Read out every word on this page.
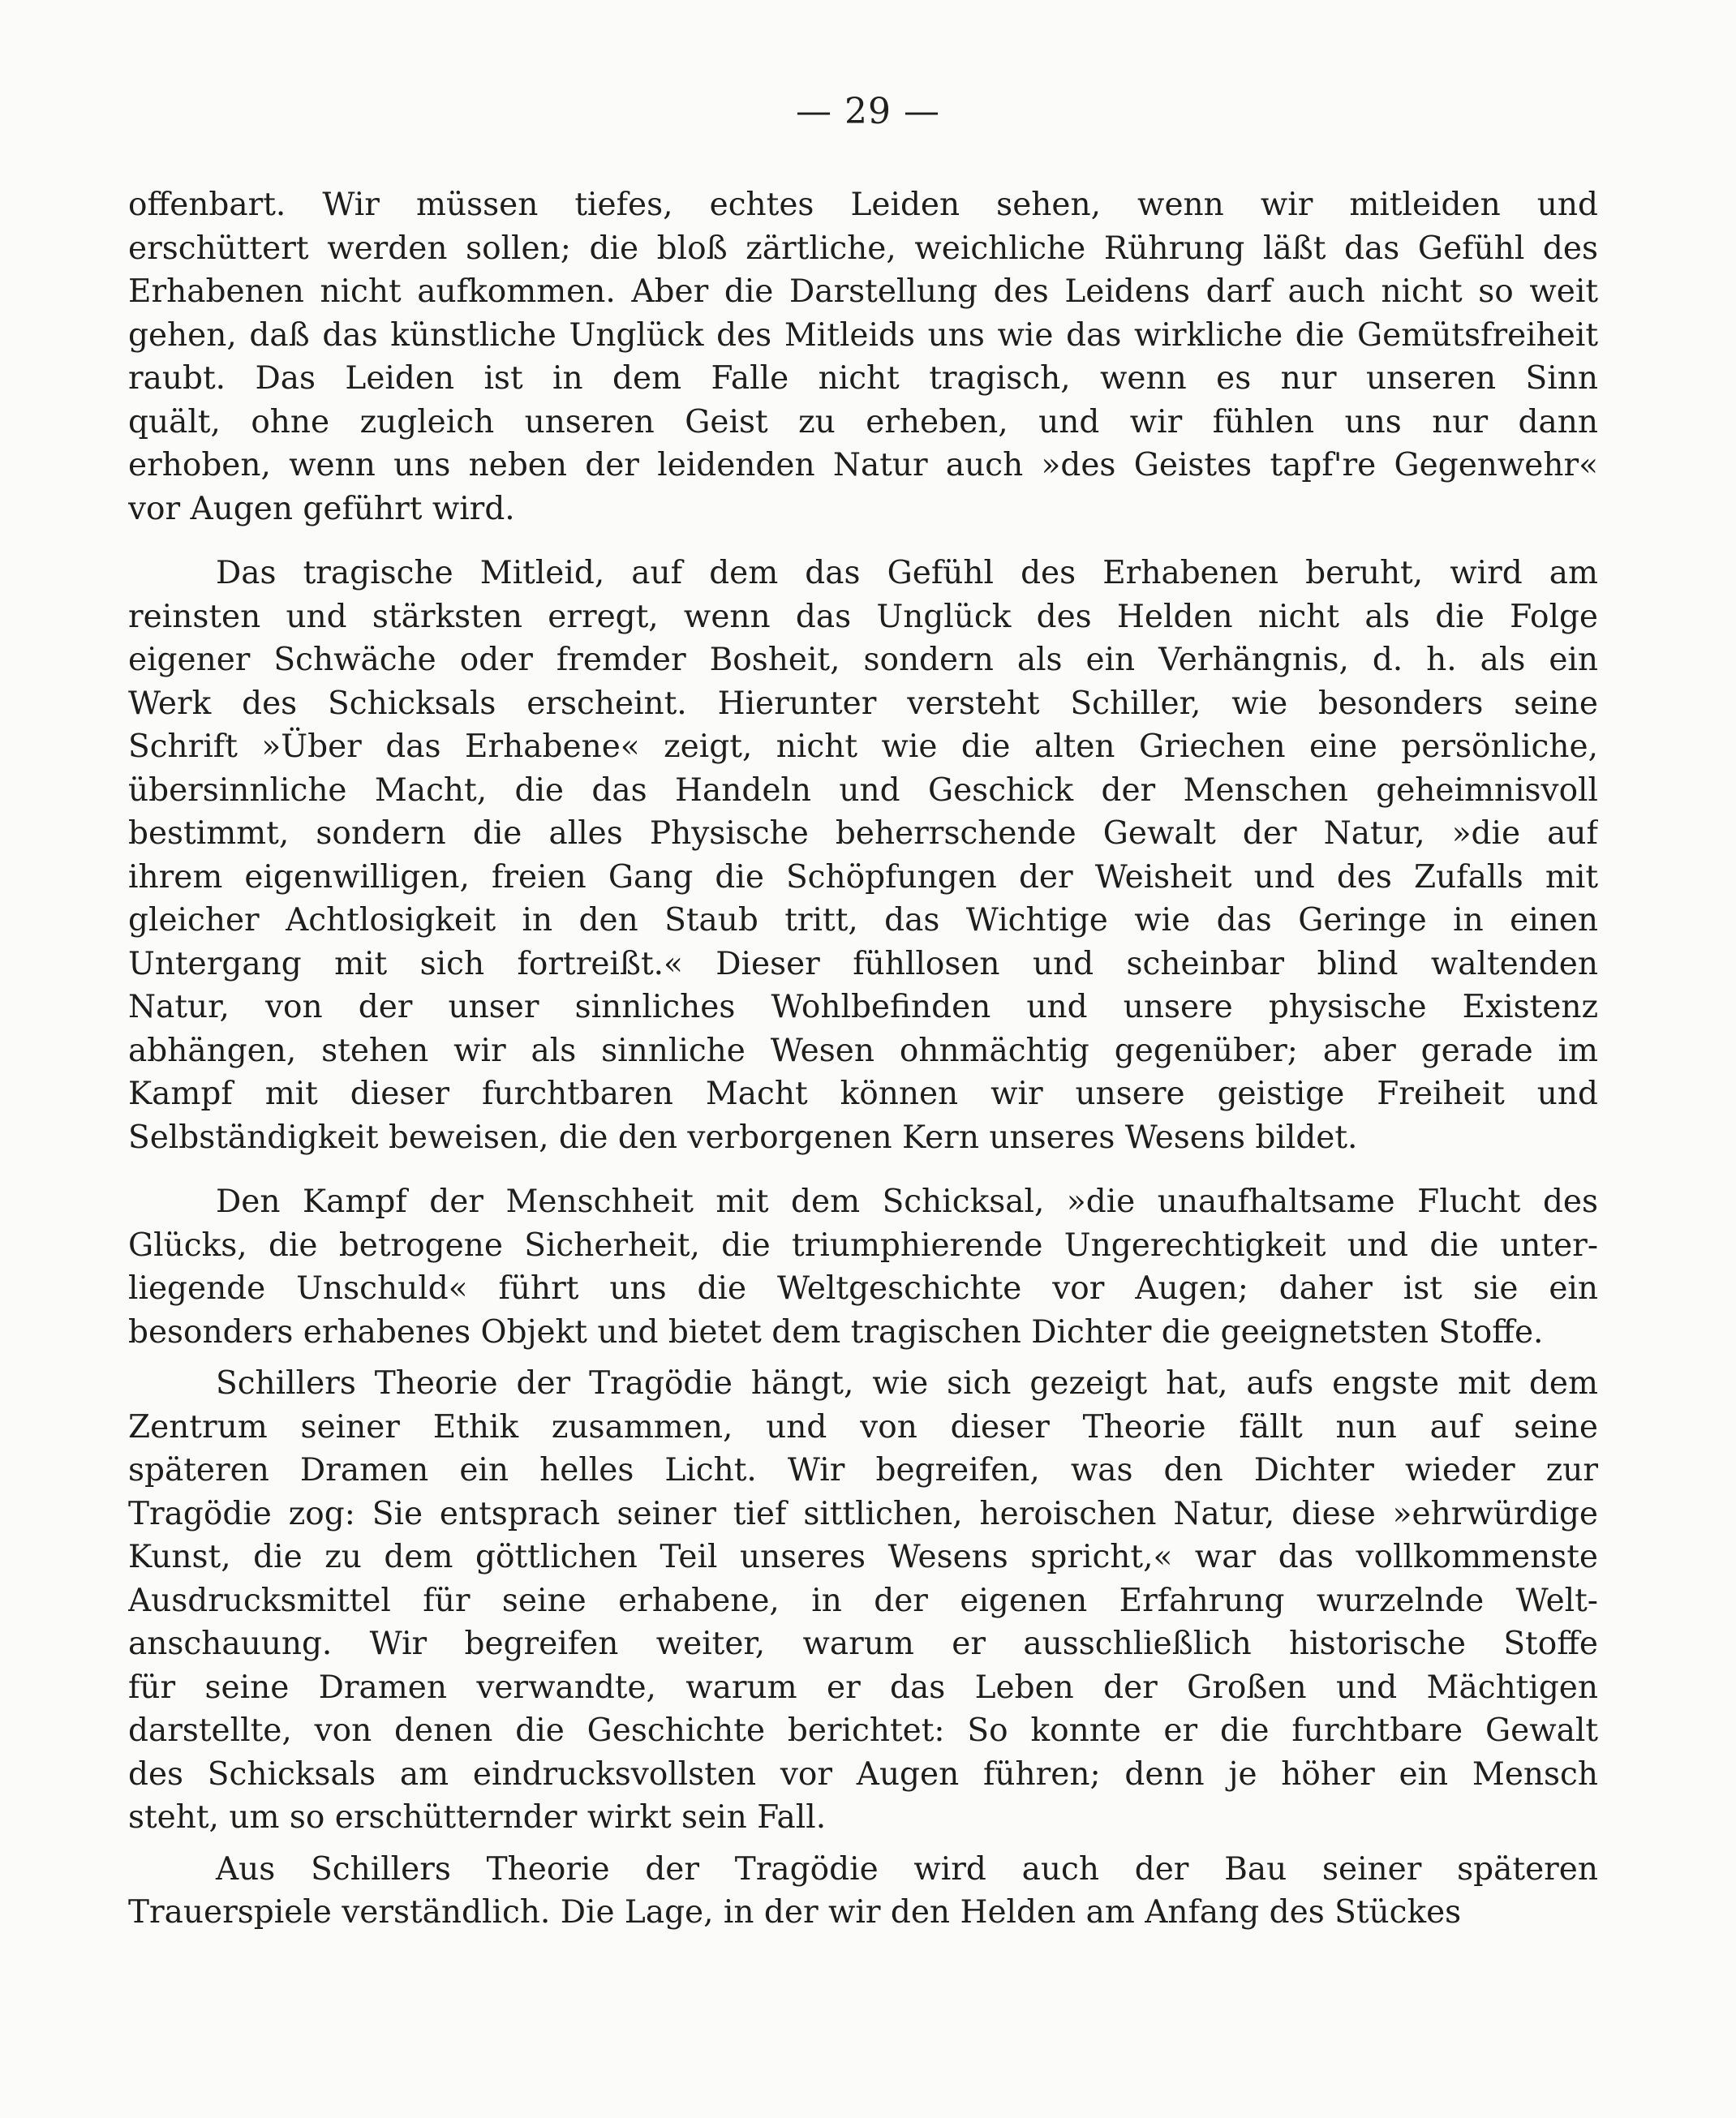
— 29 —
offenbart. Wir müssen tiefes, echtes Leiden sehen, wenn wir mitleiden und
erschüttert werden sollen; die bloß zärtliche, weichliche Rührung läßt das Gefühl des
Erhabenen nicht aufkommen. Aber die Darstellung des Leidens darf auch nicht so weit
gehen, daß das künstliche Unglück des Mitleids uns wie das wirkliche die Gemütsfreiheit
raubt. Das Leiden ist in dem Falle nicht tragisch, wenn es nur unseren Sinn
quält, ohne zugleich unseren Geist zu erheben, und wir fühlen uns nur dann
erhoben, wenn uns neben der leidenden Natur auch »des Geistes tapf're Gegenwehr«
vor Augen geführt wird.
Das tragische Mitleid, auf dem das Gefühl des Erhabenen beruht, wird am
reinsten und stärksten erregt, wenn das Unglück des Helden nicht als die Folge
eigener Schwäche oder fremder Bosheit, sondern als ein Verhängnis, d. h. als ein
Werk des Schicksals erscheint. Hierunter versteht Schiller, wie besonders seine
Schrift »Über das Erhabene« zeigt, nicht wie die alten Griechen eine persönliche,
übersinnliche Macht, die das Handeln und Geschick der Menschen geheimnisvoll
bestimmt, sondern die alles Physische beherrschende Gewalt der Natur, »die auf
ihrem eigenwilligen, freien Gang die Schöpfungen der Weisheit und des Zufalls mit
gleicher Achtlosigkeit in den Staub tritt, das Wichtige wie das Geringe in einen
Untergang mit sich fortreißt.« Dieser fühllosen und scheinbar blind waltenden
Natur, von der unser sinnliches Wohlbefinden und unsere physische Existenz
abhängen, stehen wir als sinnliche Wesen ohnmächtig gegenüber; aber gerade im
Kampf mit dieser furchtbaren Macht können wir unsere geistige Freiheit und
Selbständigkeit beweisen, die den verborgenen Kern unseres Wesens bildet.
Den Kampf der Menschheit mit dem Schicksal, »die unaufhaltsame Flucht des
Glücks, die betrogene Sicherheit, die triumphierende Ungerechtigkeit und die unter-
liegende Unschuld« führt uns die Weltgeschichte vor Augen; daher ist sie ein
besonders erhabenes Objekt und bietet dem tragischen Dichter die geeignetsten Stoffe.
Schillers Theorie der Tragödie hängt, wie sich gezeigt hat, aufs engste mit dem
Zentrum seiner Ethik zusammen, und von dieser Theorie fällt nun auf seine
späteren Dramen ein helles Licht. Wir begreifen, was den Dichter wieder zur
Tragödie zog: Sie entsprach seiner tief sittlichen, heroischen Natur, diese »ehrwürdige
Kunst, die zu dem göttlichen Teil unseres Wesens spricht,« war das vollkommenste
Ausdrucksmittel für seine erhabene, in der eigenen Erfahrung wurzelnde Welt-
anschauung. Wir begreifen weiter, warum er ausschließlich historische Stoffe
für seine Dramen verwandte, warum er das Leben der Großen und Mächtigen
darstellte, von denen die Geschichte berichtet: So konnte er die furchtbare Gewalt
des Schicksals am eindrucksvollsten vor Augen führen; denn je höher ein Mensch
steht, um so erschütternder wirkt sein Fall.
Aus Schillers Theorie der Tragödie wird auch der Bau seiner späteren
Trauerspiele verständlich. Die Lage, in der wir den Helden am Anfang des Stückes
